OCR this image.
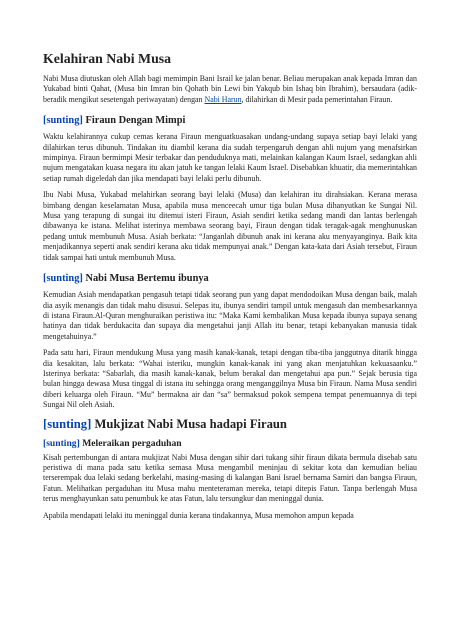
Kelahiran Nabi Musa

Nabi Musa diutuskan oleh Allah bagi memimpin Bani Israil ke jalan benar. Beliau merupakan anak kepada Imran dan Yukabad binti Qahat, (Musa bin Imran bin Qohath bin Lewi bin Yakqub bin Ishaq bin Ibrahim), bersaudara (adik-beradik mengikut sesetengah periwayatan) dengan Nabi Harun, dilahirkan di Mesir pada pemerintahan Firaun.

[sunting] Firaun Dengan Mimpi

Waktu kelahirannya cukup cemas kerana Firaun menguatkuasakan undang-undang supaya setiap bayi lelaki yang dilahirkan terus dibunuh. Tindakan itu diambil kerana dia sudah terpengaruh dengan ahli nujum yang menafsirkan mimpinya. Firaun bermimpi Mesir terbakar dan penduduknya mati, melainkan kalangan Kaum Israel, sedangkan ahli nujum mengatakan kuasa negara itu akan jatuh ke tangan lelaki Kaum Israel. Disebabkan khuatir, dia memerintahkan setiap rumah digeledah dan jika mendapati bayi lelaki perlu dibunuh.

Ibu Nabi Musa, Yukabad melahirkan seorang bayi lelaki (Musa) dan kelahiran itu dirahsiakan. Kerana merasa bimbang dengan keselamatan Musa, apabila musa menceecah umur tiga bulan Musa dihanyutkan ke Sungai Nil. Musa yang terapung di sungai itu ditemui isteri Firaun, Asiah sendiri ketika sedang mandi dan lantas berlengah dibawanya ke istana. Melihat isterinya membawa seorang bayi, Firaun dengan tidak teragak-agak menghunuskan pedang untuk membunuh Musa. Asiah berkata: “Janganlah dibunuh anak ini kerana aku menyayanginya. Baik kita menjadikannya seperti anak sendiri kerana aku tidak mempunyai anak.” Dengan kata-kata dari Asiah tersebut, Firaun tidak sampai hati untuk membunuh Musa.

[sunting] Nabi Musa Bertemu ibunya

Kemudian Asiah mendapatkan pengasuh tetapi tidak seorang pun yang dapat mendodoikan Musa dengan baik, malah dia asyik menangis dan tidak mahu disusui. Selepas itu, ibunya sendiri tampil untuk mengasuh dan membesarkannya di istana Firaun.Al-Quran menghuraikan peristiwa itu: “Maka Kami kembalikan Musa kepada ibunya supaya senang hatinya dan tidak berdukacita dan supaya dia mengetahui janji Allah itu benar, tetapi kebanyakan manusia tidak mengetahuinya.”

Pada satu hari, Firaun mendukung Musa yang masih kanak-kanak, tetapi dengan tiba-tiba janggutnya ditarik hingga dia kesakitan, lalu berkata: “Wahai isteriku, mungkin kanak-kanak ini yang akan menjatuhkan kekuasaanku.” Isterinya berkata: “Sabarlah, dia masih kanak-kanak, belum berakal dan mengetahui apa pun.” Sejak berusia tiga bulan hingga dewasa Musa tinggal di istana itu sehingga orang menganggilnya Musa bin Firaun. Nama Musa sendiri diberi keluarga oleh Firaun. “Mu” bermakna air dan “sa” bermaksud pokok sempena tempat penemuannya di tepi Sungai Nil oleh Asiah.

[sunting] Mukjizat Nabi Musa hadapi Firaun
[sunting] Meleraikan pergaduhan

Kisah pertembungan di antara mukjizat Nabi Musa dengan sihir dari tukang sihir firaun dikata bermula disebab satu peristiwa di mana pada satu ketika semasa Musa mengambil meninjau di sekitar kota dan kemudian beliau terserempak dua lelaki sedang berkelahi, masing-masing di kalangan Bani Israel bernama Samiri dan bangsa Firaun, Fatun. Melihatkan pergaduhan itu Musa mahu menteteraman mereka, tetapi ditepis Fatun. Tanpa berlengah Musa terus menghayunkan satu penumbuk ke atas Fatun, lalu tersungkur dan meninggal dunia.

Apabila mendapati lelaki itu meninggal dunia kerana tindakannya, Musa memohon ampun kepada
